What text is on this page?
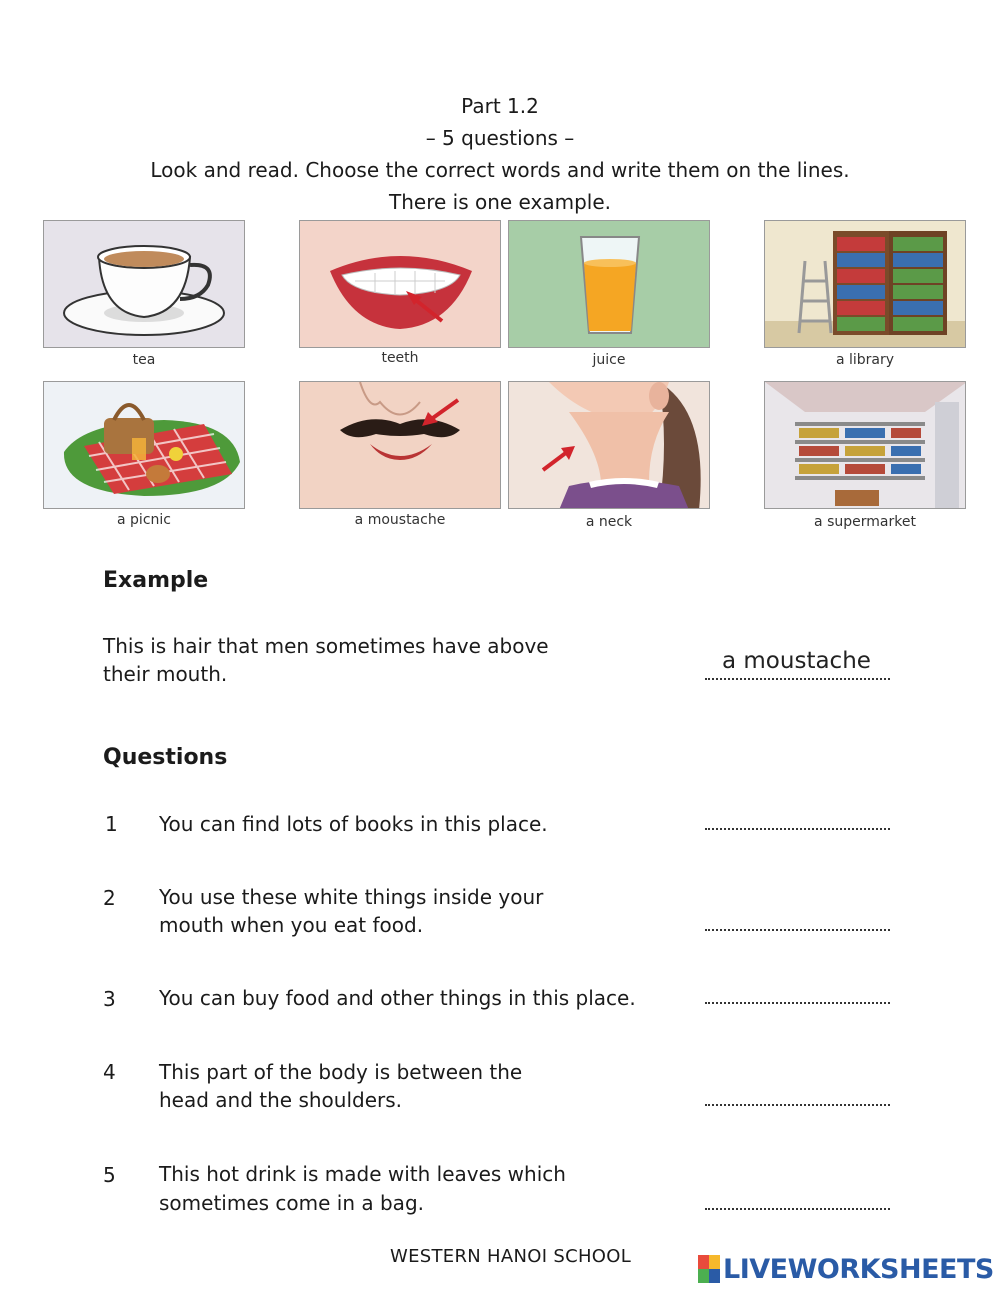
Part 1.2
– 5 questions –
Look and read. Choose the correct words and write them on the lines.
There is one example.
tea	teeth	juice	a library
a picnic	a moustache	a neck	a supermarket
Example
This is hair that men sometimes have above
their mouth.	a moustache
Questions
1 You can find lots of books in this place.
2 You use these white things inside your
mouth when you eat food.
3 You can buy food and other things in this place.
4 This part of the body is between the
head and the shoulders.
5 This hot drink is made with leaves which
sometimes come in a bag.
WESTERN HANOI SCHOOL	LIVEWORKSHEETS
